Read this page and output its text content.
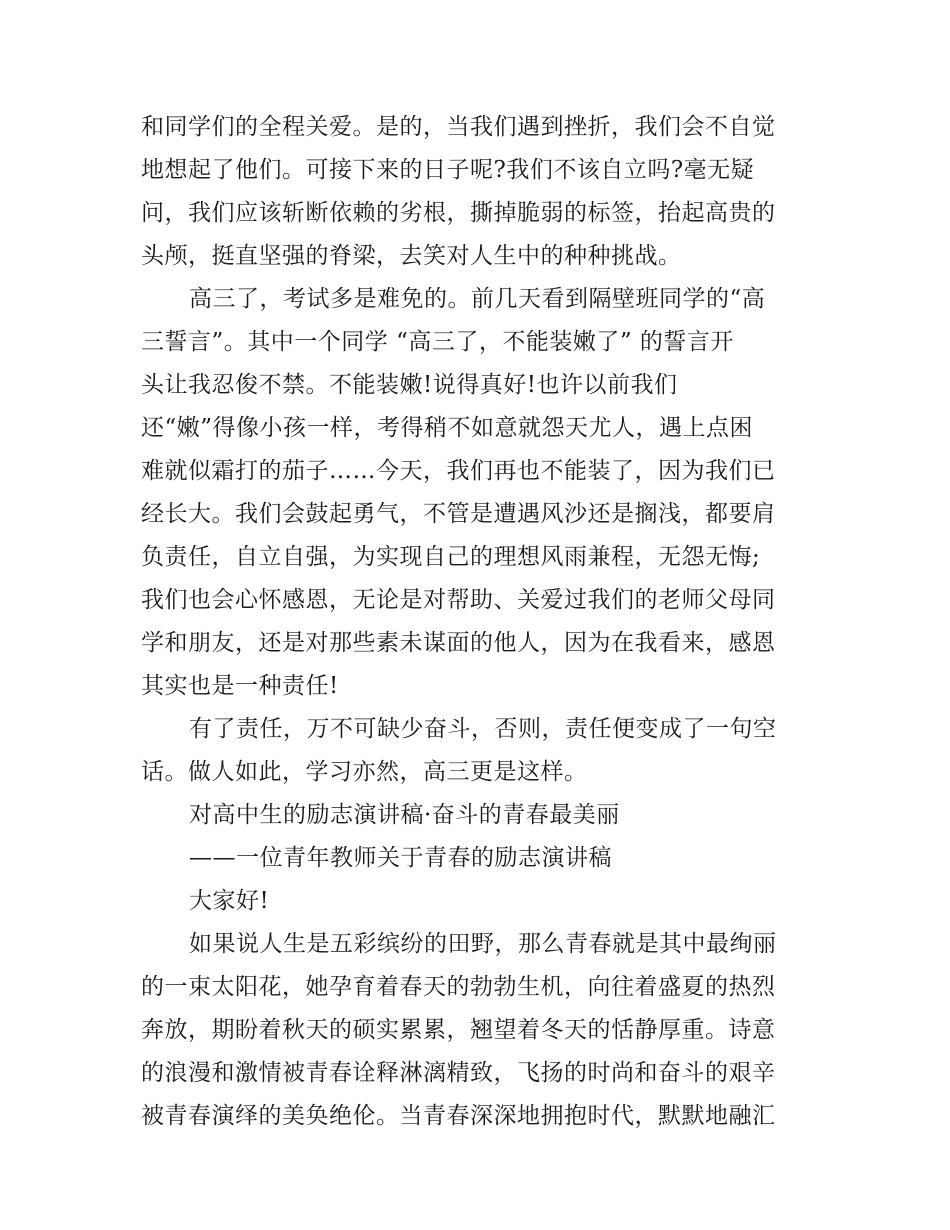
和同学们的全程关爱。是的，当我们遇到挫折，我们会不自觉
地想起了他们。可接下来的日子呢?我们不该自立吗?毫无疑
问，我们应该斩断依赖的劣根，撕掉脆弱的标签，抬起高贵的
头颅，挺直坚强的脊梁，去笑对人生中的种种挑战。
高三了，考试多是难免的。前几天看到隔壁班同学的“高
三誓言”。其中一个同学 “高三了，不能装嫩了” 的誓言开
头让我忍俊不禁。不能装嫩!说得真好!也许以前我们
还“嫩”得像小孩一样，考得稍不如意就怨天尤人，遇上点困
难就似霜打的茄子……今天，我们再也不能装了，因为我们已
经长大。我们会鼓起勇气，不管是遭遇风沙还是搁浅，都要肩
负责任，自立自强，为实现自己的理想风雨兼程，无怨无悔;
我们也会心怀感恩，无论是对帮助、关爱过我们的老师父母同
学和朋友，还是对那些素未谋面的他人，因为在我看来，感恩
其实也是一种责任!
有了责任，万不可缺少奋斗，否则，责任便变成了一句空
话。做人如此，学习亦然，高三更是这样。
对高中生的励志演讲稿·奋斗的青春最美丽
——一位青年教师关于青春的励志演讲稿
大家好!
如果说人生是五彩缤纷的田野，那么青春就是其中最绚丽
的一束太阳花，她孕育着春天的勃勃生机，向往着盛夏的热烈
奔放，期盼着秋天的硕实累累，翘望着冬天的恬静厚重。诗意
的浪漫和激情被青春诠释淋漓精致，飞扬的时尚和奋斗的艰辛
被青春演绎的美奂绝伦。当青春深深地拥抱时代，默默地融汇
